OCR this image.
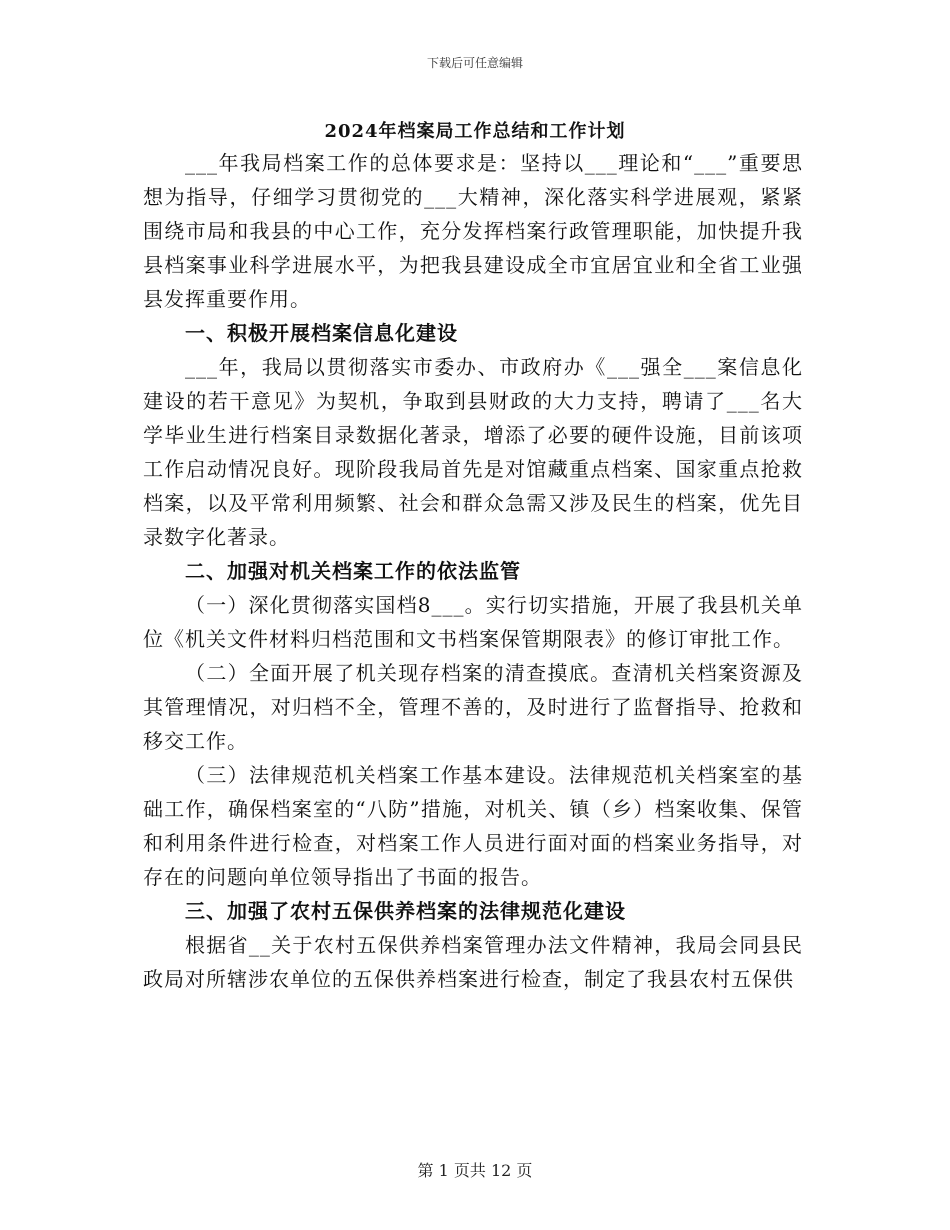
下载后可任意编辑
2024年档案局工作总结和工作计划

___年我局档案工作的总体要求是：坚持以___理论和“___”重要思想为指导，仔细学习贯彻党的___大精神，深化落实科学进展观，紧紧围绕市局和我县的中心工作，充分发挥档案行政管理职能，加快提升我县档案事业科学进展水平，为把我县建设成全市宜居宜业和全省工业强县发挥重要作用。

一、积极开展档案信息化建设

___年，我局以贯彻落实市委办、市政府办《___强全___案信息化建设的若干意见》为契机，争取到县财政的大力支持，聘请了___名大学毕业生进行档案目录数据化著录，增添了必要的硬件设施，目前该项工作启动情况良好。现阶段我局首先是对馆藏重点档案、国家重点抢救档案，以及平常利用频繁、社会和群众急需又涉及民生的档案，优先目录数字化著录。

二、加强对机关档案工作的依法监管

（一）深化贯彻落实国档8___。实行切实措施，开展了我县机关单位《机关文件材料归档范围和文书档案保管期限表》的修订审批工作。

（二）全面开展了机关现存档案的清查摸底。查清机关档案资源及其管理情况，对归档不全，管理不善的，及时进行了监督指导、抢救和移交工作。

（三）法律规范机关档案工作基本建设。法律规范机关档案室的基础工作，确保档案室的“八防”措施，对机关、镇（乡）档案收集、保管和利用条件进行检查，对档案工作人员进行面对面的档案业务指导，对存在的问题向单位领导指出了书面的报告。

三、加强了农村五保供养档案的法律规范化建设

根据省__关于农村五保供养档案管理办法文件精神，我局会同县民政局对所辖涉农单位的五保供养档案进行检查，制定了我县农村五保供

第 1 页共 12 页
